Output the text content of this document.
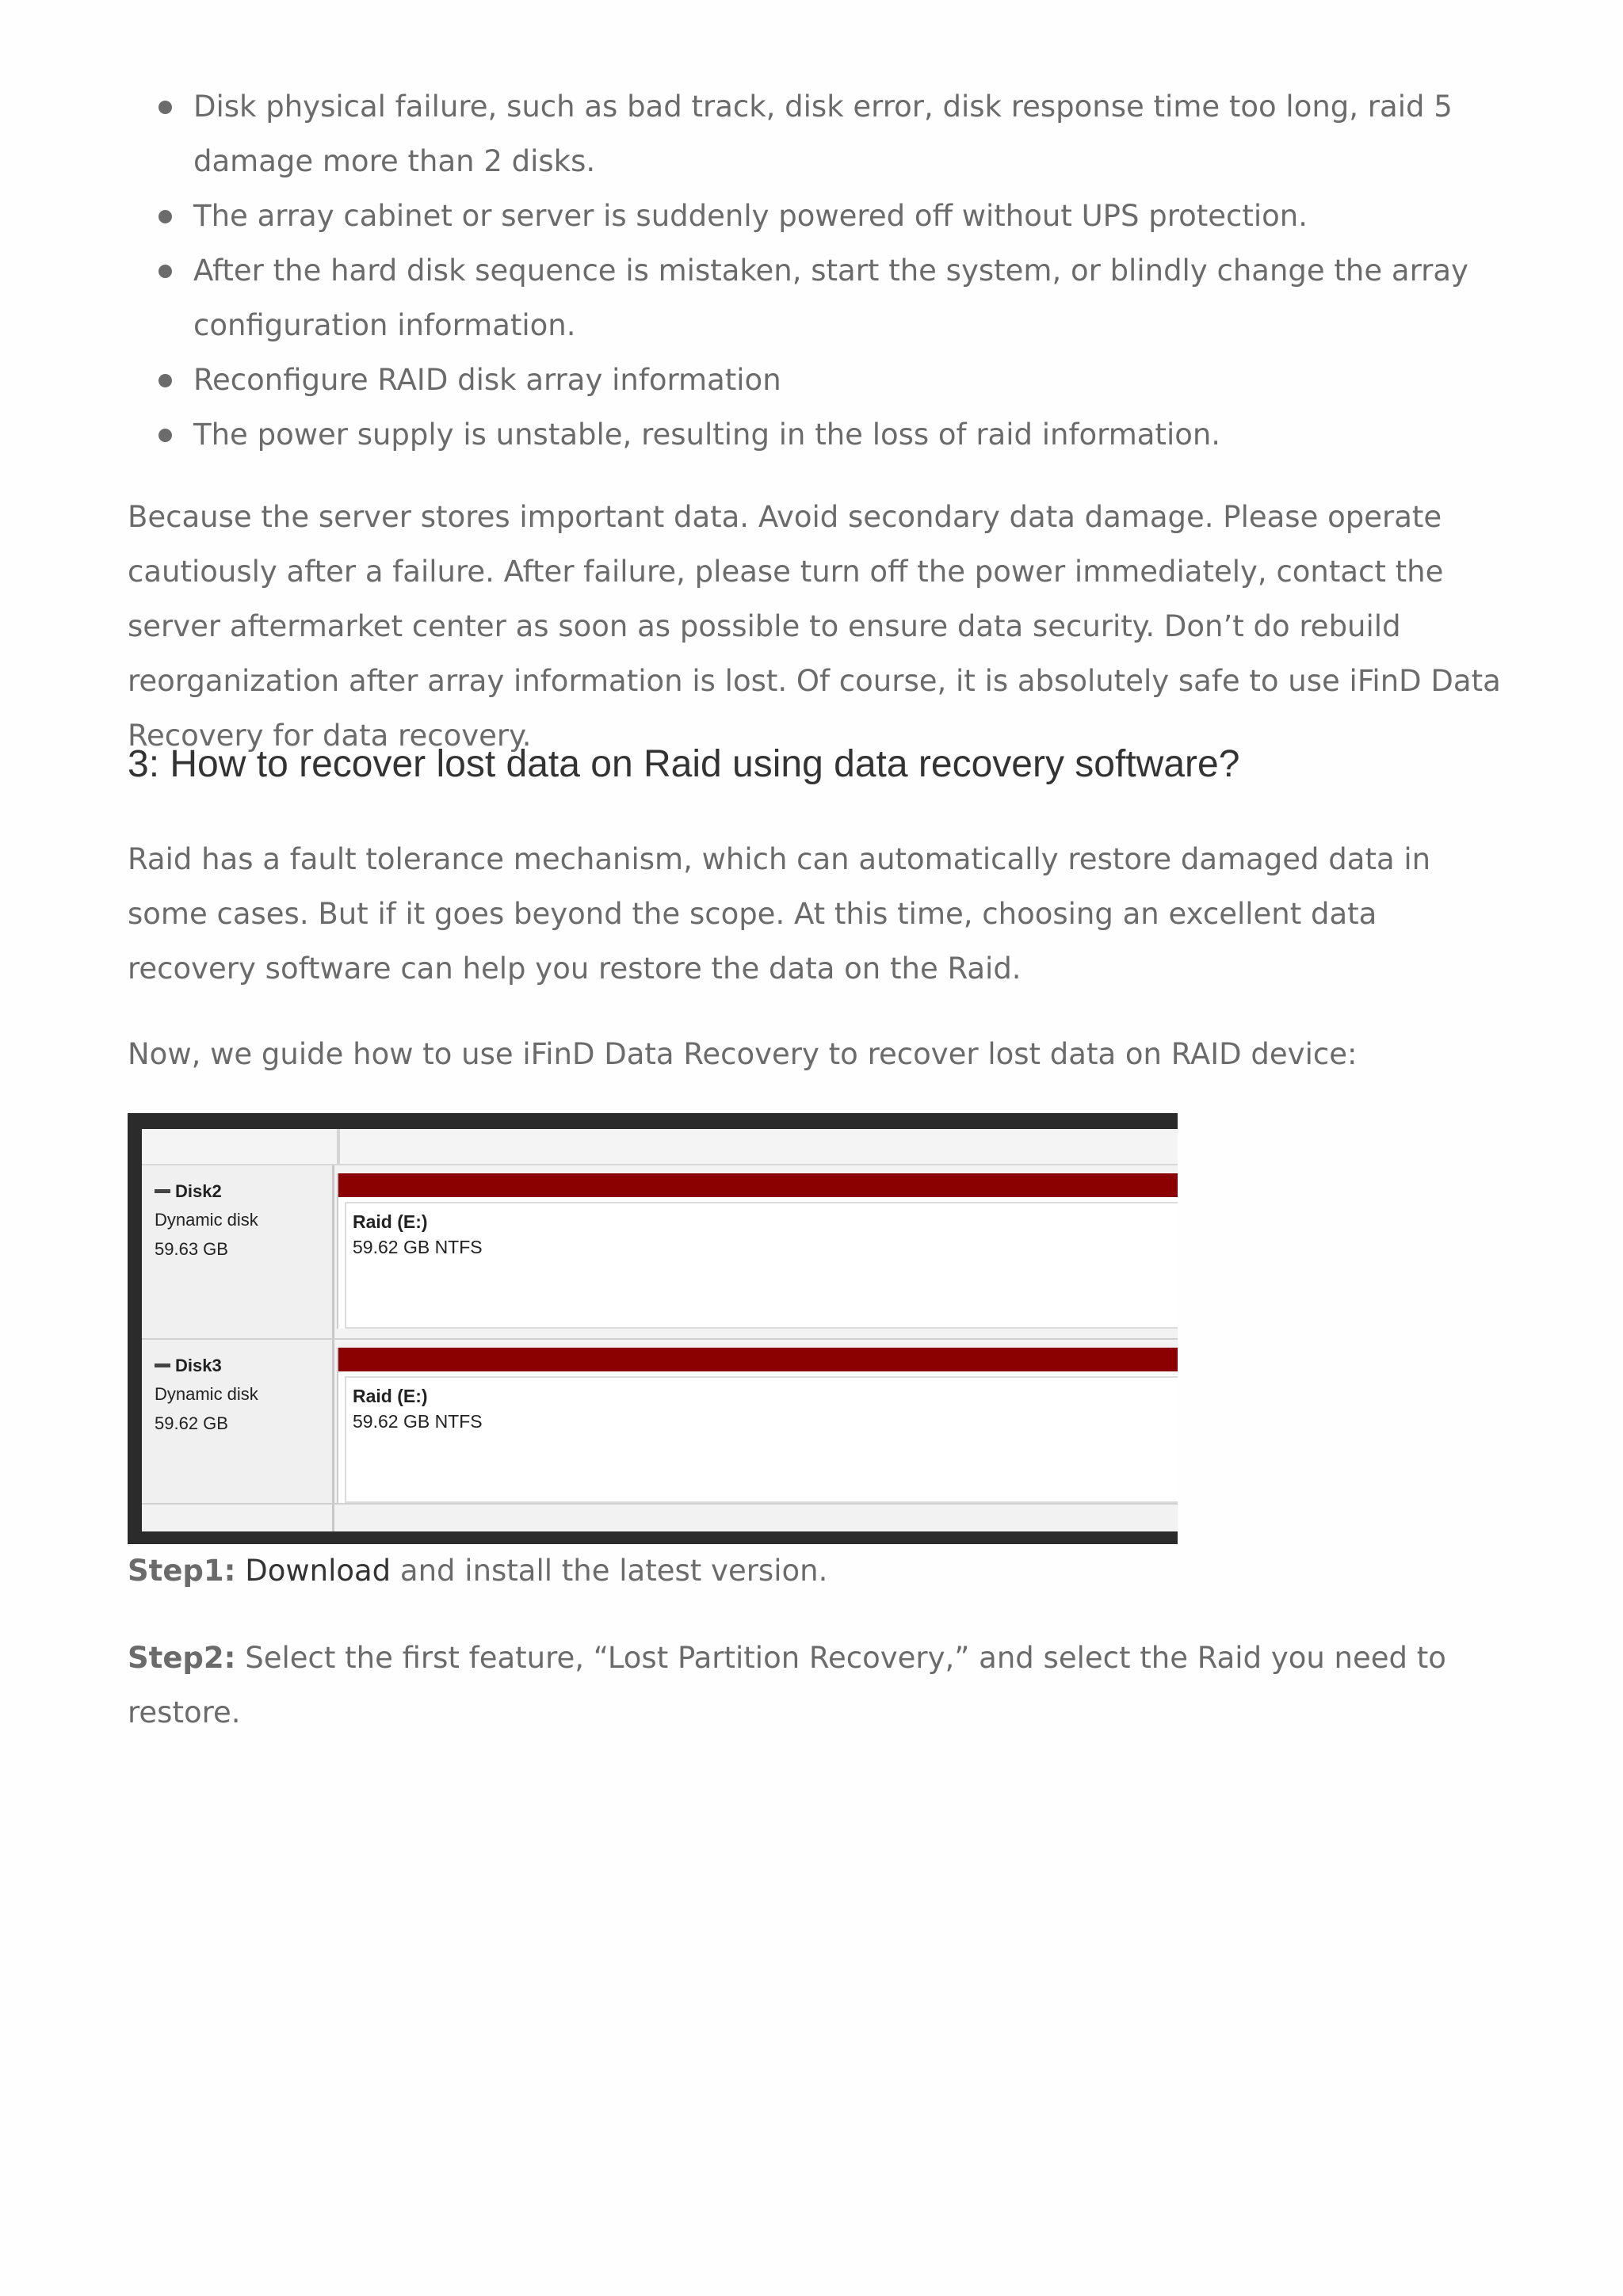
Disk physical failure, such as bad track, disk error, disk response time too long, raid 5 damage more than 2 disks.
The array cabinet or server is suddenly powered off without UPS protection.
After the hard disk sequence is mistaken, start the system, or blindly change the array configuration information.
Reconfigure RAID disk array information
The power supply is unstable, resulting in the loss of raid information.

Because the server stores important data. Avoid secondary data damage. Please operate cautiously after a failure. After failure, please turn off the power immediately, contact the server aftermarket center as soon as possible to ensure data security. Don’t do rebuild reorganization after array information is lost. Of course, it is absolutely safe to use iFinD Data Recovery for data recovery.

3: How to recover lost data on Raid using data recovery software?

Raid has a fault tolerance mechanism, which can automatically restore damaged data in some cases. But if it goes beyond the scope. At this time, choosing an excellent data recovery software can help you restore the data on the Raid.

Now, we guide how to use iFinD Data Recovery to recover lost data on RAID device:

Disk2
Dynamic disk
59.63 GB
Raid (E:)
59.62 GB NTFS
Disk3
Dynamic disk
59.62 GB
Raid (E:)
59.62 GB NTFS

Step1: Download and install the latest version.

Step2: Select the first feature, “Lost Partition Recovery,” and select the Raid you need to restore.
